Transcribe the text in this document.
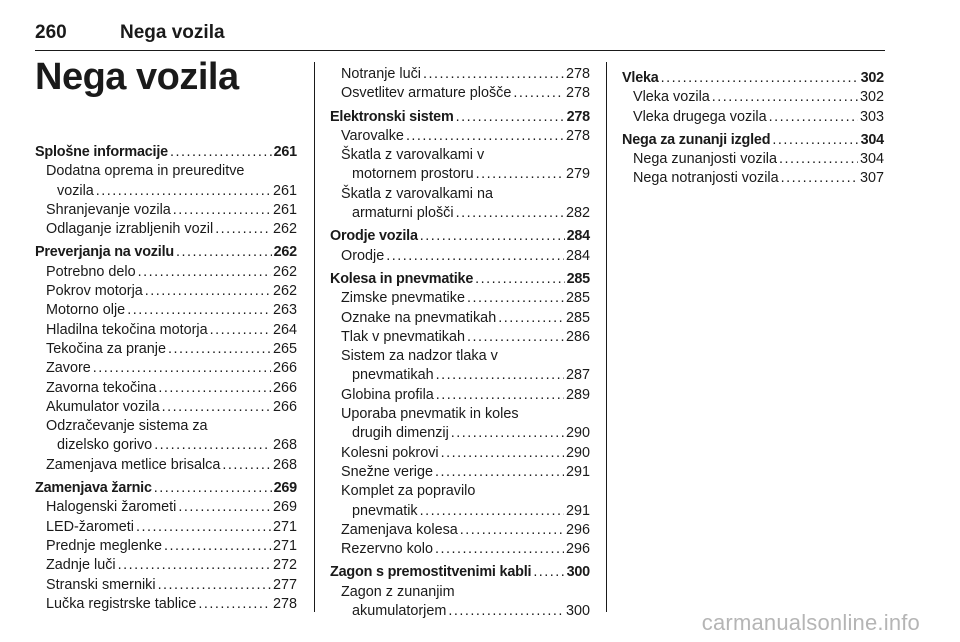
260	Nega vozila
Nega vozila
Splošne informacije .....	261
Dodatna oprema in preureditve
vozila .....	261
Shranjevanje vozila .....	261
Odlaganje izrabljenih vozil .....	262
Preverjanja na vozilu .....	262
Potrebno delo .....	262
Pokrov motorja .....	262
Motorno olje .....	263
Hladilna tekočina motorja .....	264
Tekočina za pranje .....	265
Zavore .....	266
Zavorna tekočina .....	266
Akumulator vozila .....	266
Odzračevanje sistema za
dizelsko gorivo .....	268
Zamenjava metlice brisalca .....	268
Zamenjava žarnic .....	269
Halogenski žarometi .....	269
LED-žarometi .....	271
Prednje meglenke .....	271
Zadnje luči .....	272
Stranski smerniki .....	277
Lučka registrske tablice .....	278
Notranje luči .....	278
Osvetlitev armature plošče .....	278
Elektronski sistem .....	278
Varovalke .....	278
Škatla z varovalkami v
motornem prostoru .....	279
Škatla z varovalkami na
armaturni plošči .....	282
Orodje vozila .....	284
Orodje .....	284
Kolesa in pnevmatike .....	285
Zimske pnevmatike .....	285
Oznake na pnevmatikah .....	285
Tlak v pnevmatikah .....	286
Sistem za nadzor tlaka v
pnevmatikah .....	287
Globina profila .....	289
Uporaba pnevmatik in koles
drugih dimenzij .....	290
Kolesni pokrovi .....	290
Snežne verige .....	291
Komplet za popravilo
pnevmatik .....	291
Zamenjava kolesa .....	296
Rezervno kolo .....	296
Zagon s premostitvenimi kabli ..... 300
Zagon z zunanjim
akumulatorjem .....	300
Vleka .....	302
Vleka vozila .....	302
Vleka drugega vozila .....	303
Nega za zunanji izgled .....	304
Nega zunanjosti vozila .....	304
Nega notranjosti vozila .....	307
carmanualsonline.info
